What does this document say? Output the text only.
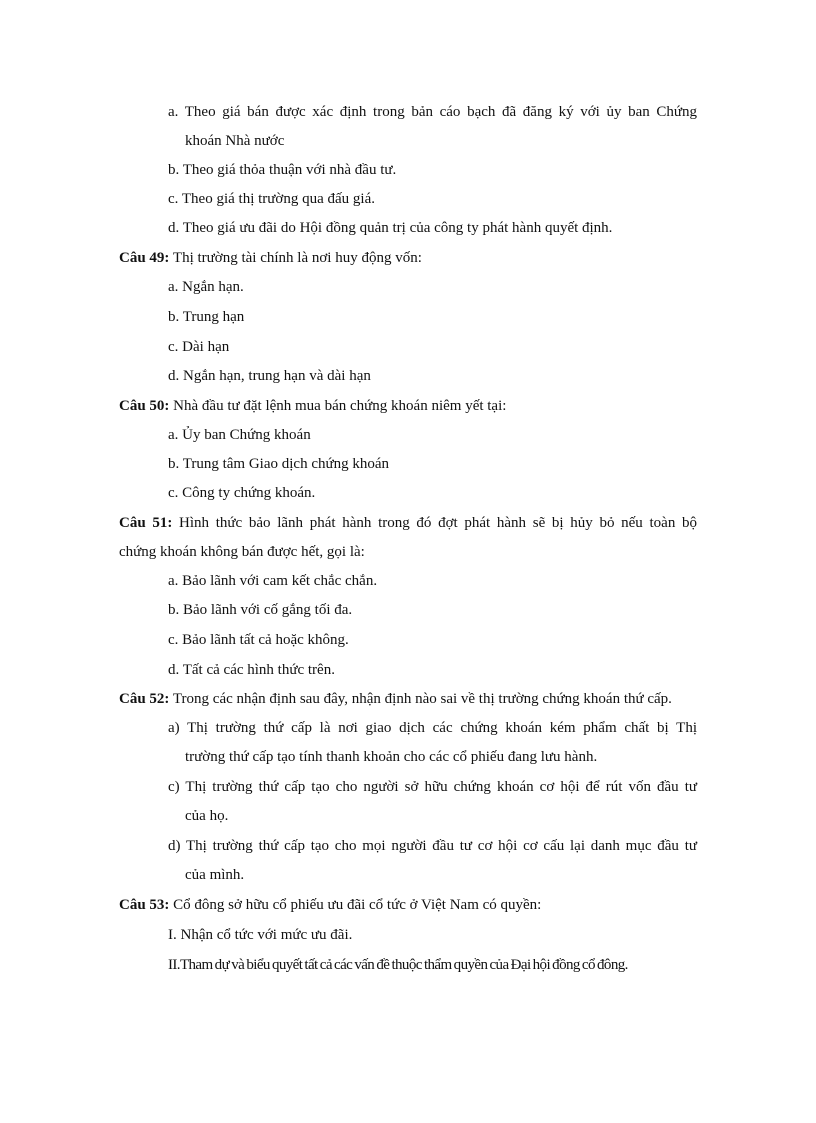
a. Theo giá bán được xác định trong bản cáo bạch đã đăng ký với ủy ban Chứng
khoán Nhà nước
b. Theo giá thỏa thuận với nhà đầu tư.
c. Theo giá thị trường qua đấu giá.
d. Theo giá ưu đãi do Hội đồng quản trị của công ty phát hành quyết định.
Câu 49: Thị trường tài chính là nơi huy động vốn:
a. Ngắn hạn.
b. Trung hạn
c. Dài hạn
d. Ngắn hạn, trung hạn và dài hạn
Câu 50: Nhà đầu tư đặt lệnh mua bán chứng khoán niêm yết tại:
a. Ủy ban Chứng khoán
b. Trung tâm Giao dịch chứng khoán
c. Công ty chứng khoán.
Câu 51: Hình thức bảo lãnh phát hành trong đó đợt phát hành sẽ bị hủy bỏ nếu toàn bộ
chứng khoán không bán được hết, gọi là:
a. Bảo lãnh với cam kết chắc chắn.
b. Bảo lãnh với cố gắng tối đa.
c. Bảo lãnh tất cả hoặc không.
d. Tất cả các hình thức trên.
Câu 52: Trong các nhận định sau đây, nhận định nào sai về thị trường chứng khoán thứ cấp.
a) Thị trường thứ cấp là nơi giao dịch các chứng khoán kém phẩm chất bị Thị
trường thứ cấp tạo tính thanh khoản cho các cổ phiếu đang lưu hành.
c) Thị trường thứ cấp tạo cho người sở hữu chứng khoán cơ hội để rút vốn đầu tư
của họ.
d) Thị trường thứ cấp tạo cho mọi người đầu tư cơ hội cơ cấu lại danh mục đầu tư
của mình.
Câu 53: Cổ đông sở hữu cổ phiếu ưu đãi cổ tức ở Việt Nam có quyền:
I. Nhận cổ tức với mức ưu đãi.
II.Tham dự và biểu quyết tất cả các vấn đề thuộc thẩm quyền của Đại hội đồng cổ đông.
